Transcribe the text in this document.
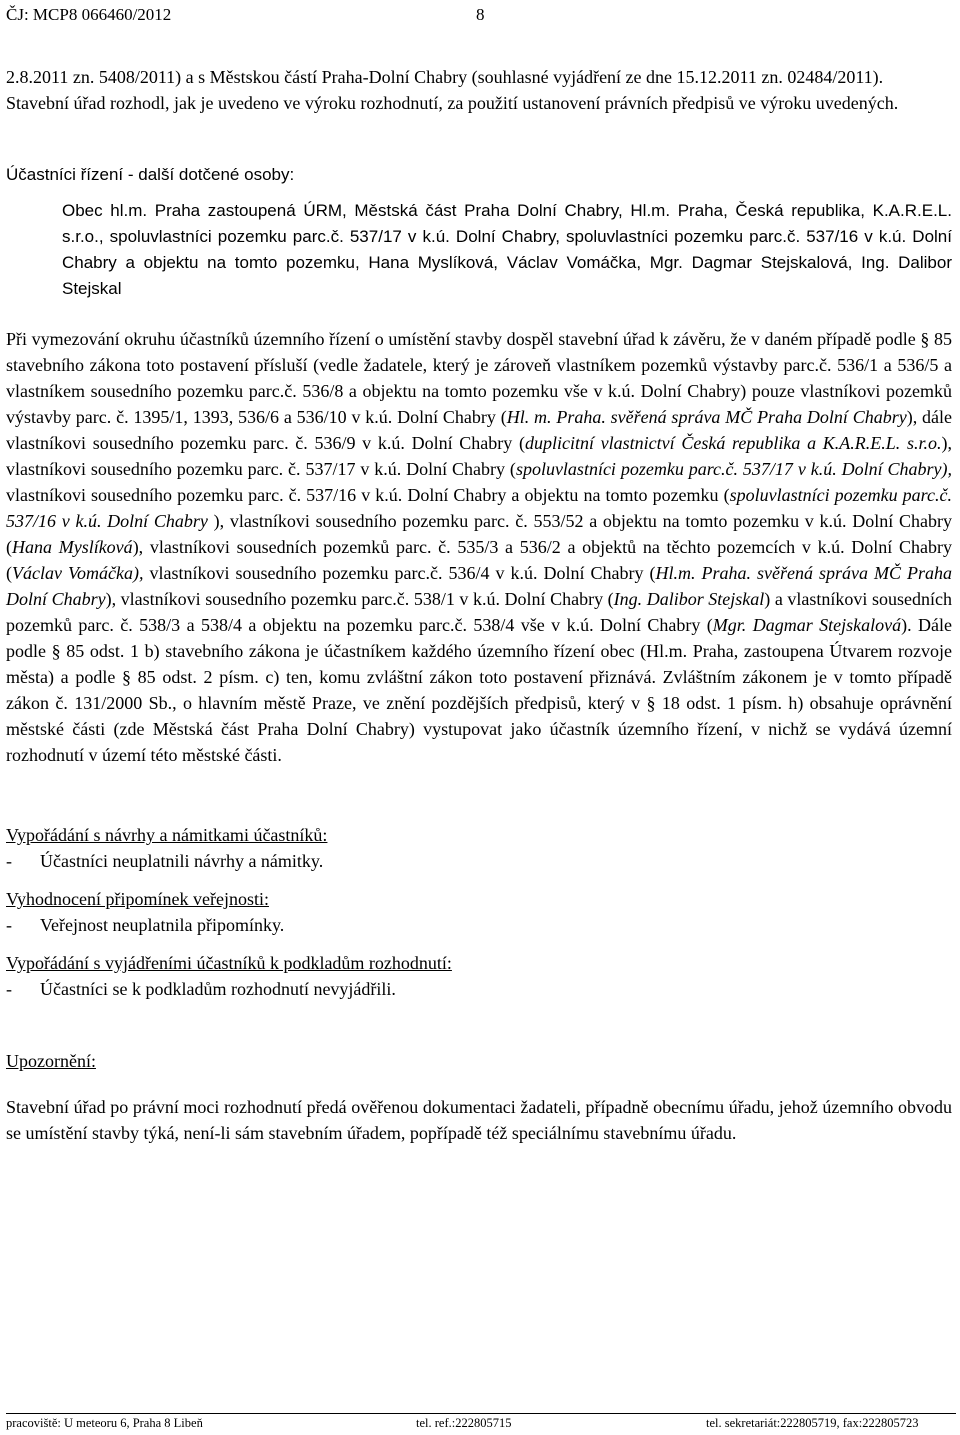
ČJ: MCP8 066460/2012	8

2.8.2011 zn. 5408/2011) a s Městskou částí Praha-Dolní Chabry (souhlasné vyjádření ze dne 15.12.2011 zn. 02484/2011).

Stavební úřad rozhodl, jak je uvedeno ve výroku rozhodnutí, za použití ustanovení právních předpisů ve výroku uvedených.

Účastníci řízení - další dotčené osoby:
Obec hl.m. Praha zastoupená ÚRM, Městská část Praha Dolní Chabry, Hl.m. Praha, Česká republika, K.A.R.E.L. s.r.o., spoluvlastníci pozemku parc.č. 537/17 v k.ú. Dolní Chabry, spoluvlastníci pozemku parc.č. 537/16 v k.ú. Dolní Chabry a objektu na tomto pozemku, Hana Myslíková, Václav Vomáčka, Mgr. Dagmar Stejskalová, Ing. Dalibor Stejskal

Při vymezování okruhu účastníků územního řízení o umístění stavby dospěl stavební úřad k závěru, že v daném případě podle § 85 stavebního zákona toto postavení přísluší (vedle žadatele, který je zároveň vlastníkem pozemků výstavby parc.č. 536/1 a 536/5 a vlastníkem sousedního pozemku parc.č. 536/8 a objektu na tomto pozemku vše v k.ú. Dolní Chabry) pouze vlastníkovi pozemků výstavby parc. č. 1395/1, 1393, 536/6 a 536/10 v k.ú. Dolní Chabry (Hl. m. Praha. svěřená správa MČ Praha Dolní Chabry), dále vlastníkovi sousedního pozemku parc. č. 536/9 v k.ú. Dolní Chabry (duplicitní vlastnictví Česká republika a K.A.R.E.L. s.r.o.), vlastníkovi sousedního pozemku parc. č. 537/17 v k.ú. Dolní Chabry (spoluvlastníci pozemku parc.č. 537/17 v k.ú. Dolní Chabry), vlastníkovi sousedního pozemku parc. č. 537/16 v k.ú. Dolní Chabry a objektu na tomto pozemku (spoluvlastníci pozemku parc.č. 537/16 v k.ú. Dolní Chabry ), vlastníkovi sousedního pozemku parc. č. 553/52 a objektu na tomto pozemku v k.ú. Dolní Chabry (Hana Myslíková), vlastníkovi sousedních pozemků parc. č. 535/3 a 536/2 a objektů na těchto pozemcích v k.ú. Dolní Chabry (Václav Vomáčka), vlastníkovi sousedního pozemku parc.č. 536/4 v k.ú. Dolní Chabry (Hl.m. Praha. svěřená správa MČ Praha Dolní Chabry), vlastníkovi sousedního pozemku parc.č. 538/1 v k.ú. Dolní Chabry (Ing. Dalibor Stejskal) a vlastníkovi sousedních pozemků parc. č. 538/3 a 538/4 a objektu na pozemku parc.č. 538/4 vše v k.ú. Dolní Chabry (Mgr. Dagmar Stejskalová). Dále podle § 85 odst. 1 b) stavebního zákona je účastníkem každého územního řízení obec (Hl.m. Praha, zastoupena Útvarem rozvoje města) a podle § 85 odst. 2 písm. c) ten, komu zvláštní zákon toto postavení přiznává. Zvláštním zákonem je v tomto případě zákon č. 131/2000 Sb., o hlavním městě Praze, ve znění pozdějších předpisů, který v § 18 odst. 1 písm. h) obsahuje oprávnění městské části (zde Městská část Praha Dolní Chabry) vystupovat jako účastník územního řízení, v nichž se vydává územní rozhodnutí v území této městské části.

Vypořádání s návrhy a námitkami účastníků:

- Účastníci neuplatnili návrhy a námitky.

Vyhodnocení připomínek veřejnosti:

- Veřejnost neuplatnila připomínky.

Vypořádání s vyjádřeními účastníků k podkladům rozhodnutí:

- Účastníci se k podkladům rozhodnutí nevyjádřili.

Upozornění:

Stavební úřad po právní moci rozhodnutí předá ověřenou dokumentaci žadateli, případně obecnímu úřadu, jehož územního obvodu se umístění stavby týká, není-li sám stavebním úřadem, popřípadě též speciálnímu stavebnímu úřadu.

pracoviště: U meteoru 6, Praha 8 Libeň	tel. ref.:222805715	tel. sekretariát:222805719, fax:222805723
